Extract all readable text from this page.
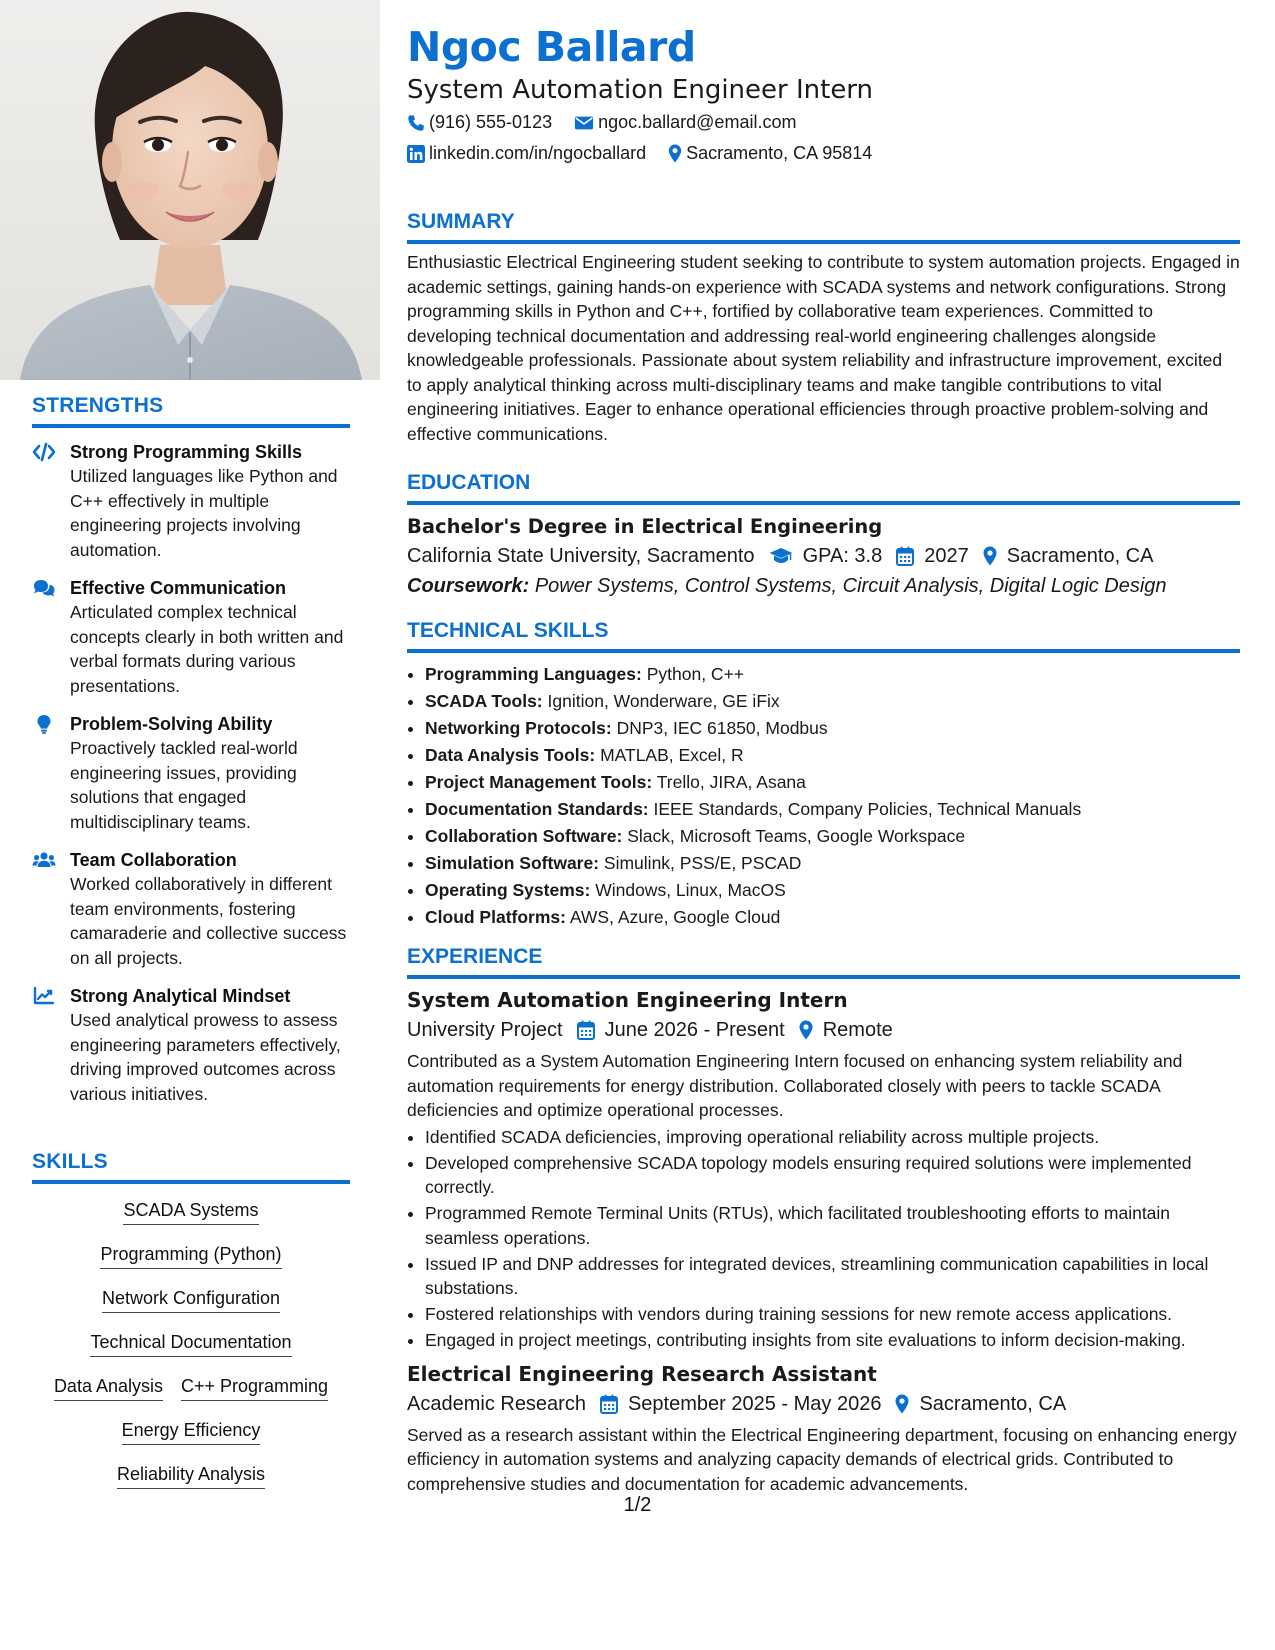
STRENGTHS
Strong Programming Skills
Utilized languages like Python and C++ effectively in multiple engineering projects involving automation.
Effective Communication
Articulated complex technical concepts clearly in both written and verbal formats during various presentations.
Problem-Solving Ability
Proactively tackled real-world engineering issues, providing solutions that engaged multidisciplinary teams.
Team Collaboration
Worked collaboratively in different team environments, fostering camaraderie and collective success on all projects.
Strong Analytical Mindset
Used analytical prowess to assess engineering parameters effectively, driving improved outcomes across various initiatives.
SKILLS
SCADA Systems
Programming (Python)
Network Configuration
Technical Documentation
Data Analysis C++ Programming
Energy Efficiency
Reliability Analysis
Ngoc Ballard
System Automation Engineer Intern
(916) 555-0123	ngoc.ballard@email.com
linkedin.com/in/ngocballard Sacramento, CA 95814
SUMMARY

Enthusiastic Electrical Engineering student seeking to contribute to system automation projects. Engaged in academic settings, gaining hands-on experience with SCADA systems and network configurations. Strong programming skills in Python and C++, fortified by collaborative team experiences. Committed to developing technical documentation and addressing real-world engineering challenges alongside knowledgeable professionals. Passionate about system reliability and infrastructure improvement, excited to apply analytical thinking across multi-disciplinary teams and make tangible contributions to vital engineering initiatives. Eager to enhance operational efficiencies through proactive problem-solving and effective communications.

EDUCATION
Bachelor's Degree in Electrical Engineering
California State University, Sacramento GPA: 3.8 2027 Sacramento, CA
Coursework: Power Systems, Control Systems, Circuit Analysis, Digital Logic Design
TECHNICAL SKILLS
• Programming Languages: Python, C++
• SCADA Tools: Ignition, Wonderware, GE iFix
• Networking Protocols: DNP3, IEC 61850, Modbus
• Data Analysis Tools: MATLAB, Excel, R
• Project Management Tools: Trello, JIRA, Asana
• Documentation Standards: IEEE Standards, Company Policies, Technical Manuals
• Collaboration Software: Slack, Microsoft Teams, Google Workspace
• Simulation Software: Simulink, PSS/E, PSCAD
• Operating Systems: Windows, Linux, MacOS
• Cloud Platforms: AWS, Azure, Google Cloud
EXPERIENCE
System Automation Engineering Intern
University Project June 2026 - Present Remote

Contributed as a System Automation Engineering Intern focused on enhancing system reliability and automation requirements for energy distribution. Collaborated closely with peers to tackle SCADA deficiencies and optimize operational processes.

• Identified SCADA deficiencies, improving operational reliability across multiple projects.
• Developed comprehensive SCADA topology models ensuring required solutions were implemented correctly.
• Programmed Remote Terminal Units (RTUs), which facilitated troubleshooting efforts to maintain seamless operations.
• Issued IP and DNP addresses for integrated devices, streamlining communication capabilities in local substations.
• Fostered relationships with vendors during training sessions for new remote access applications.
• Engaged in project meetings, contributing insights from site evaluations to inform decision-making.
Electrical Engineering Research Assistant
Academic Research September 2025 - May 2026 Sacramento, CA

Served as a research assistant within the Electrical Engineering department, focusing on enhancing energy efficiency in automation systems and analyzing capacity demands of electrical grids. Contributed to comprehensive studies and documentation for academic advancements.

1/2
